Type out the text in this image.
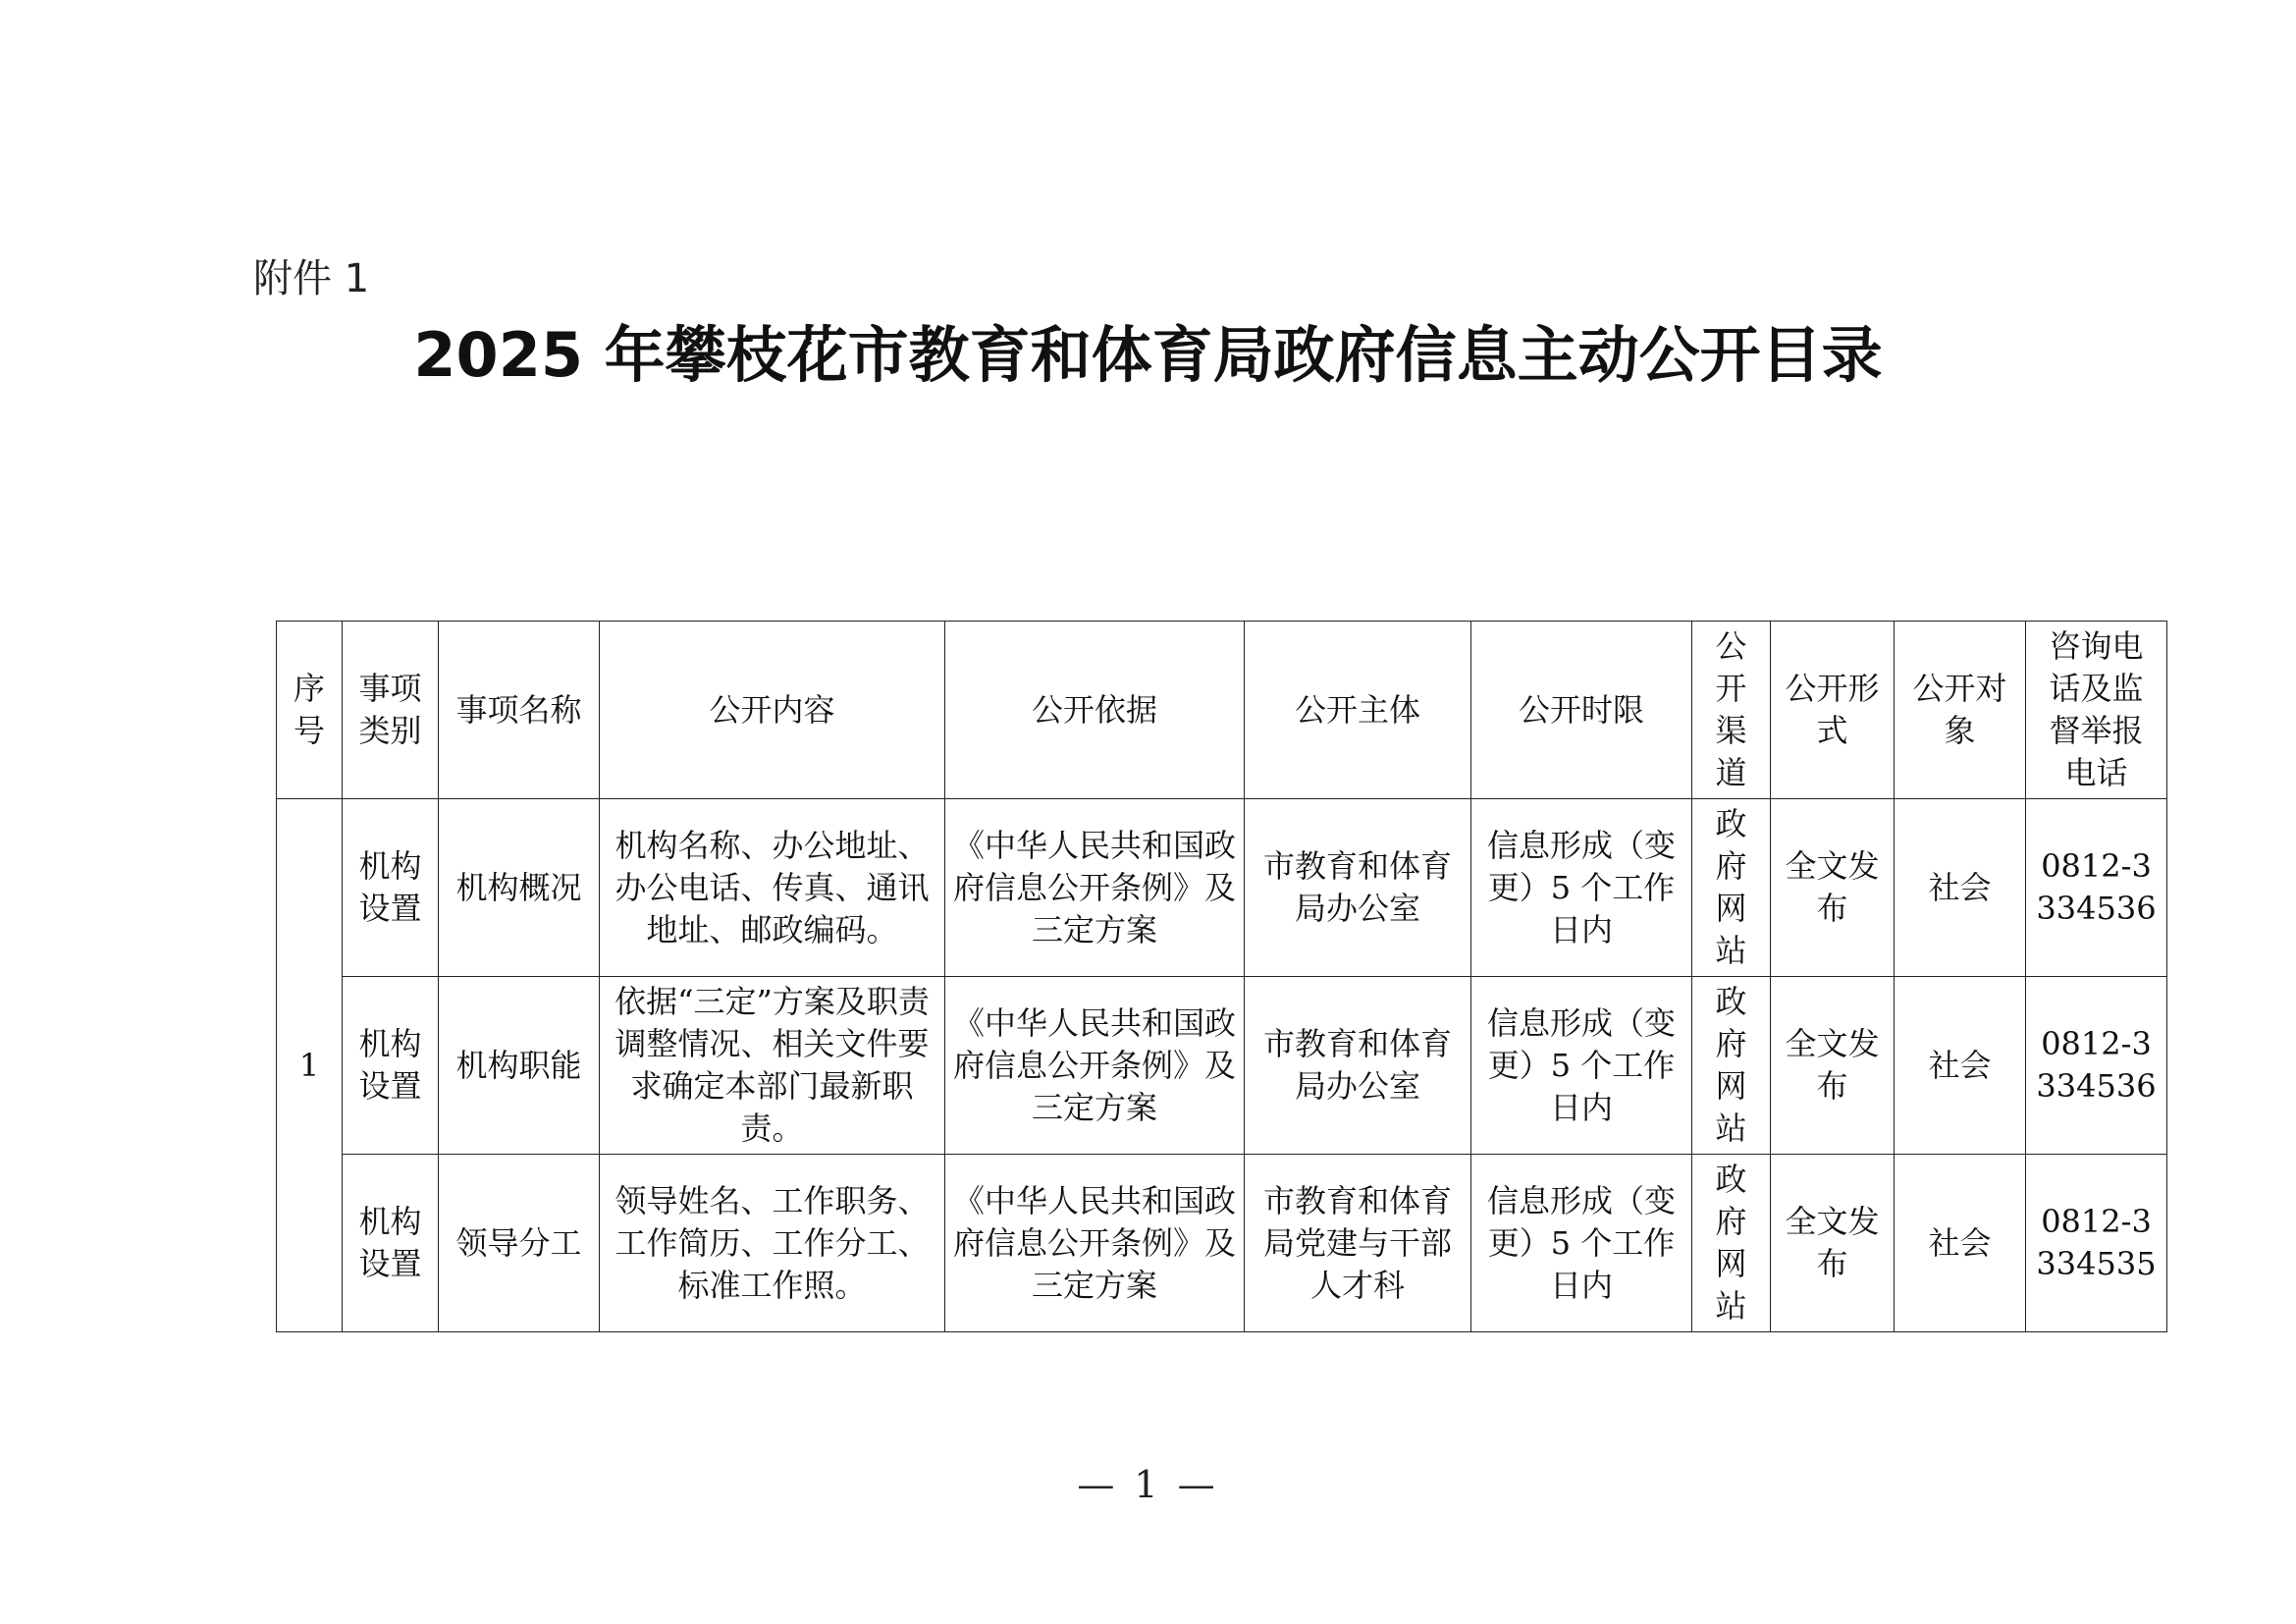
附件 1
2025 年攀枝花市教育和体育局政府信息主动公开目录
序号	事项类别	事项名称	公开内容	公开依据	公开主体	公开时限	公开渠道	公开形式	公开对象	咨询电话及监督举报电话
1	机构设置	机构概况	机构名称、办公地址、办公电话、传真、通讯地址、邮政编码。	《中华人民共和国政府信息公开条例》及三定方案	市教育和体育局办公室	信息形成（变更）5 个工作日内	政府网站	全文发布	社会	0812-3334536
	机构设置	机构职能	依据“三定”方案及职责调整情况、相关文件要求确定本部门最新职责。	《中华人民共和国政府信息公开条例》及三定方案	市教育和体育局办公室	信息形成（变更）5 个工作日内	政府网站	全文发布	社会	0812-3334536
	机构设置	领导分工	领导姓名、工作职务、工作简历、工作分工、标准工作照。	《中华人民共和国政府信息公开条例》及三定方案	市教育和体育局党建与干部人才科	信息形成（变更）5 个工作日内	政府网站	全文发布	社会	0812-3334535
— 1 —
